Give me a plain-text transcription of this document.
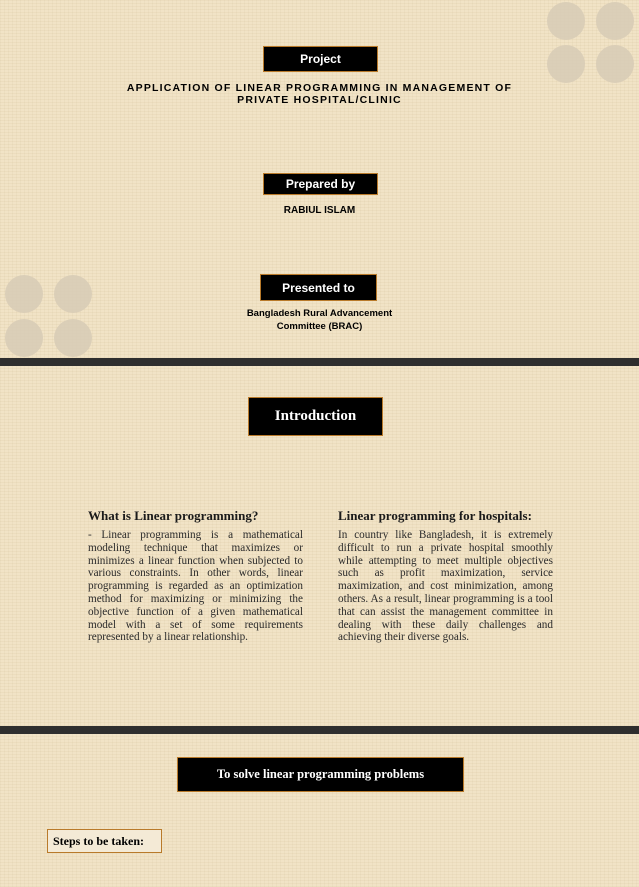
Project
APPLICATION OF LINEAR PROGRAMMING IN MANAGEMENT OF
PRIVATE HOSPITAL/CLINIC
Prepared by
RABIUL ISLAM
Presented to
Bangladesh Rural Advancement
Committee (BRAC)
Introduction
What is Linear programming?

- Linear programming is a mathematical modeling technique that maximizes or minimizes a linear function when subjected to various constraints. In other words, linear programming is regarded as an optimization method for maximizing or minimizing the objective function of a given mathematical model with a set of some requirements represented by a linear relationship.

Linear programming for hospitals:

In country like Bangladesh, it is extremely difficult to run a private hospital smoothly while attempting to meet multiple objectives such as profit maximization, service maximization, and cost minimization, among others. As a result, linear programming is a tool that can assist the management committee in dealing with these daily challenges and achieving their diverse goals.

To solve linear programming problems
Steps to be taken:
